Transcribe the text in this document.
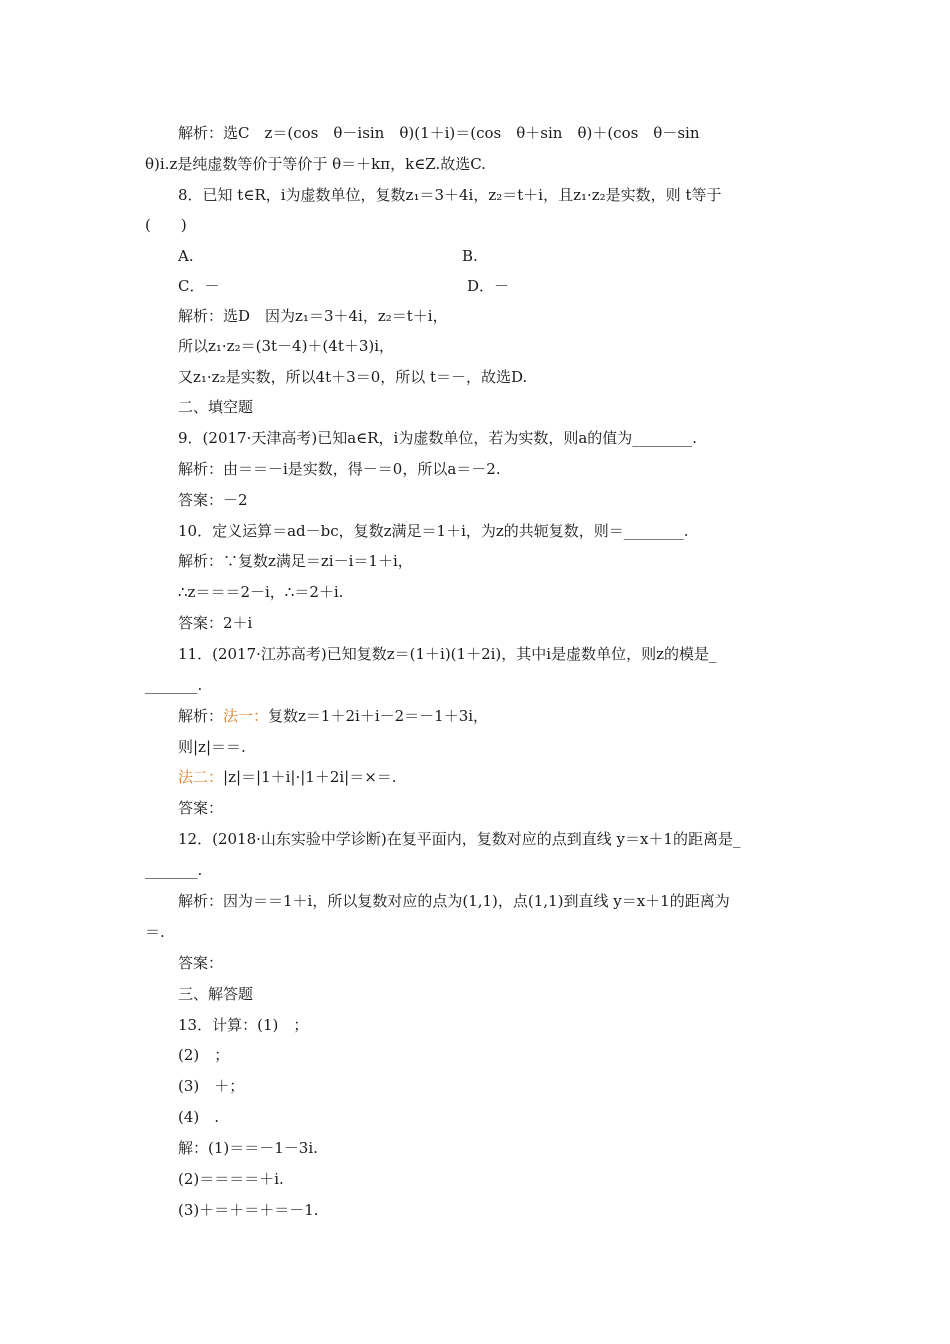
解析：选C　z＝(cos　θ－isin　θ)(1＋i)＝(cos　θ＋sin　θ)＋(cos　θ－sin
θ)i.z是纯虚数等价于等价于 θ＝＋kπ，k∈Z.故选C.
8．已知 t∈R，i为虚数单位，复数z₁＝3＋4i，z₂＝t＋i，且z₁·z₂是实数，则 t等于
(　　)
A.	B.
C．－	D．－
解析：选D　因为z₁＝3＋4i，z₂＝t＋i，
所以z₁·z₂＝(3t－4)＋(4t＋3)i，
又z₁·z₂是实数，所以4t＋3＝0，所以 t＝－，故选D.
二、填空题
9．(2017·天津高考)已知a∈R，i为虚数单位，若为实数，则a的值为________.
解析：由＝＝－i是实数，得－＝0，所以a＝－2.
答案：－2
10．定义运算＝ad－bc，复数z满足＝1＋i，为z的共轭复数，则＝________.
解析：∵复数z满足＝zi－i＝1＋i，
∴z＝＝＝2－i，∴＝2＋i.
答案：2＋i
11．(2017·江苏高考)已知复数z＝(1＋i)(1＋2i)，其中i是虚数单位，则z的模是_
_______.
解析：法一：复数z＝1＋2i＋i－2＝－1＋3i，
则|z|＝＝.
法二：|z|＝|1＋i|·|1＋2i|＝×＝.
答案：
12．(2018·山东实验中学诊断)在复平面内，复数对应的点到直线 y＝x＋1的距离是_
_______.
解析：因为＝＝1＋i，所以复数对应的点为(1,1)，点(1,1)到直线 y＝x＋1的距离为
＝.
答案：
三、解答题
13．计算：(1)　；
(2)　；
(3)　＋；
(4)　.
解：(1)＝＝－1－3i.
(2)＝＝＝＝＋i.
(3)＋＝＋＝＋＝－1.
